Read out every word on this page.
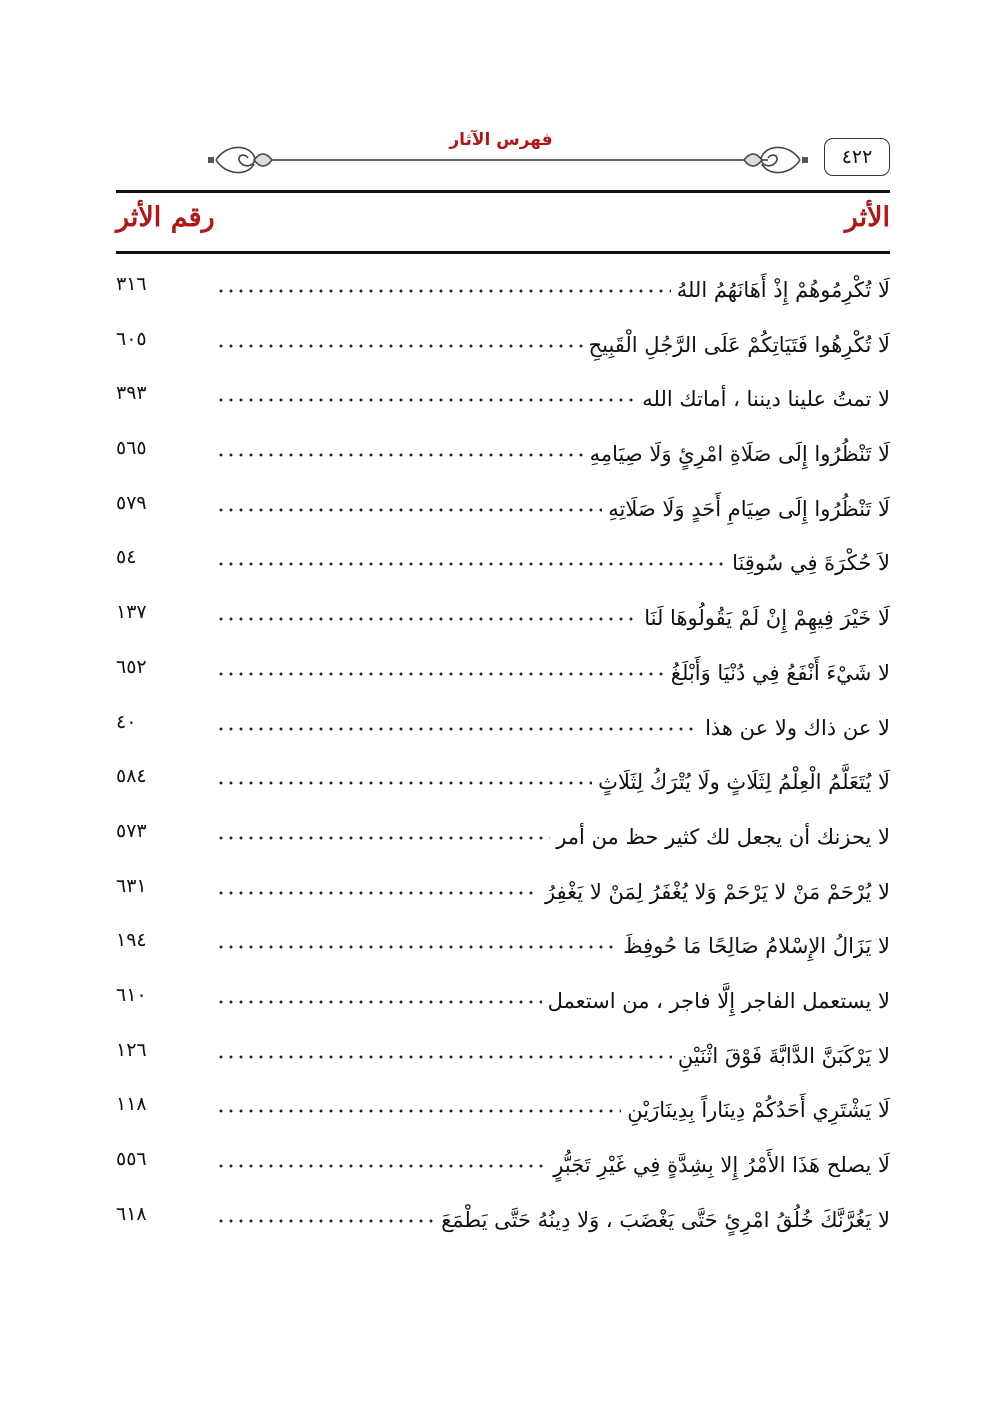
٤٢٢
فهرس الآثار
الأثر
رقم الأثر
لَا تُكْرِمُوهُمْ إِذْ أَهَانَهُمُ اللهُ
٣١٦
لَا تُكْرِهُوا فَتَيَاتِكُمْ عَلَى الرَّجُلِ الْقَبِيحِ
٦٠٥
لا تمتُ علينا ديننا ، أماتك الله
٣٩٣
لَا تَنْظُرُوا إِلَى صَلَاةِ امْرِئٍ وَلَا صِيَامِهِ
٥٦٥
لَا تَنْظُرُوا إِلَى صِيَامِ أَحَدٍ وَلَا صَلَاتِهِ
٥٧٩
لاَ حُكْرَةَ فِي سُوقِنَا
٥٤
لَا خَيْرَ فِيهِمْ إِنْ لَمْ يَقُولُوهَا لَنَا
١٣٧
لا شَيْءَ أَنْفَعُ فِي دُنْيَا وَأَبْلَغُ
٦٥٢
لا عن ذاك ولا عن هذا
٤٠
لَا يُتَعَلَّمُ الْعِلْمُ لِثَلَاثٍ ولَا يُتْرَكُ لِثَلَاثٍ
٥٨٤
لا يحزنك أن يجعل لك كثير حظ من أمر
٥٧٣
لا يُرْحَمْ مَنْ لا يَرْحَمْ وَلا يُغْفَرُ لِمَنْ لا يَغْفِرُ
٦٣١
لا يَزَالُ الإِسْلامُ صَالِحًا مَا حُوفِظَ
١٩٤
لا يستعمل الفاجر إِلَّا فاجر ، من استعمل
٦١٠
لا يَرْكَبَنَّ الدَّابَّةَ فَوْقَ اثْنَيْنِ
١٢٦
لَا يَشْتَرِي أَحَدُكُمْ دِينَاراً بِدِينَارَيْنِ
١١٨
لَا يصلح هَذَا الأَمْرُ إِلا بِشِدَّةٍ فِي غَيْرِ تَجَبُّرٍ
٥٥٦
لا يَغُرَّنَّكَ خُلُقُ امْرِئٍ حَتَّى يَغْضَبَ ، وَلا دِينُهُ حَتَّى يَطْمَعَ
٦١٨
